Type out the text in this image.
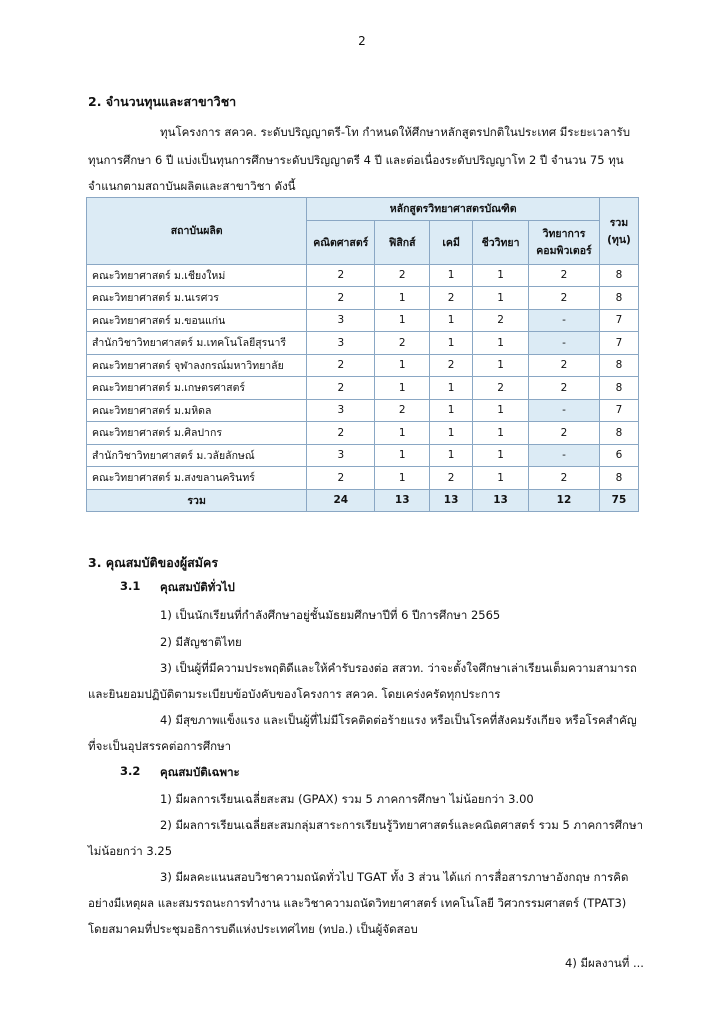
2
2. จำนวนทุนและสาขาวิชา
ทุนโครงการ สควค. ระดับปริญญาตรี-โท กำหนดให้ศึกษาหลักสูตรปกติในประเทศ มีระยะเวลารับ
ทุนการศึกษา 6 ปี แบ่งเป็นทุนการศึกษาระดับปริญญาตรี 4 ปี และต่อเนื่องระดับปริญญาโท 2 ปี จำนวน 75 ทุน
จำแนกตามสถาบันผลิตและสาขาวิชา ดังนี้
สถาบันผลิต	หลักสูตรวิทยาศาสตรบัณฑิต					รวม
(ทุน)

	คณิตศาสตร์	ฟิสิกส์	เคมี	ชีววิทยา	วิทยาการ
คอมพิวเตอร์	

คณะวิทยาศาสตร์ ม.เชียงใหม่	2	2	1	1	2	8
คณะวิทยาศาสตร์ ม.นเรศวร	2	1	2	1	2	8
คณะวิทยาศาสตร์ ม.ขอนแก่น	3	1	1	2	-	7
สำนักวิชาวิทยาศาสตร์ ม.เทคโนโลยีสุรนารี	3	2	1	1	-	7
คณะวิทยาศาสตร์ จุฬาลงกรณ์มหาวิทยาลัย	2	1	2	1	2	8
คณะวิทยาศาสตร์ ม.เกษตรศาสตร์	2	1	1	2	2	8
คณะวิทยาศาสตร์ ม.มหิดล	3	2	1	1	-	7
คณะวิทยาศาสตร์ ม.ศิลปากร	2	1	1	1	2	8
สำนักวิชาวิทยาศาสตร์ ม.วลัยลักษณ์	3	1	1	1	-	6
คณะวิทยาศาสตร์ ม.สงขลานครินทร์	2	1	2	1	2	8
รวม	24	13	13	13	12	75
3. คุณสมบัติของผู้สมัคร
3.1 คุณสมบัติทั่วไป
1) เป็นนักเรียนที่กำลังศึกษาอยู่ชั้นมัธยมศึกษาปีที่ 6 ปีการศึกษา 2565
2) มีสัญชาติไทย
3) เป็นผู้ที่มีความประพฤติดีและให้คำรับรองต่อ สสวท. ว่าจะตั้งใจศึกษาเล่าเรียนเต็มความสามารถ
และยินยอมปฏิบัติตามระเบียบข้อบังคับของโครงการ สควค. โดยเคร่งครัดทุกประการ
4) มีสุขภาพแข็งแรง และเป็นผู้ที่ไม่มีโรคติดต่อร้ายแรง หรือเป็นโรคที่สังคมรังเกียจ หรือโรคสำคัญ
ที่จะเป็นอุปสรรคต่อการศึกษา
3.2 คุณสมบัติเฉพาะ
1) มีผลการเรียนเฉลี่ยสะสม (GPAX) รวม 5 ภาคการศึกษา ไม่น้อยกว่า 3.00
2) มีผลการเรียนเฉลี่ยสะสมกลุ่มสาระการเรียนรู้วิทยาศาสตร์และคณิตศาสตร์ รวม 5 ภาคการศึกษา
ไม่น้อยกว่า 3.25
3) มีผลคะแนนสอบวิชาความถนัดทั่วไป TGAT ทั้ง 3 ส่วน ได้แก่ การสื่อสารภาษาอังกฤษ การคิด
อย่างมีเหตุผล และสมรรถนะการทำงาน และวิชาความถนัดวิทยาศาสตร์ เทคโนโลยี วิศวกรรมศาสตร์ (TPAT3)
โดยสมาคมที่ประชุมอธิการบดีแห่งประเทศไทย (ทปอ.) เป็นผู้จัดสอบ
4) มีผลงานที่ ...
